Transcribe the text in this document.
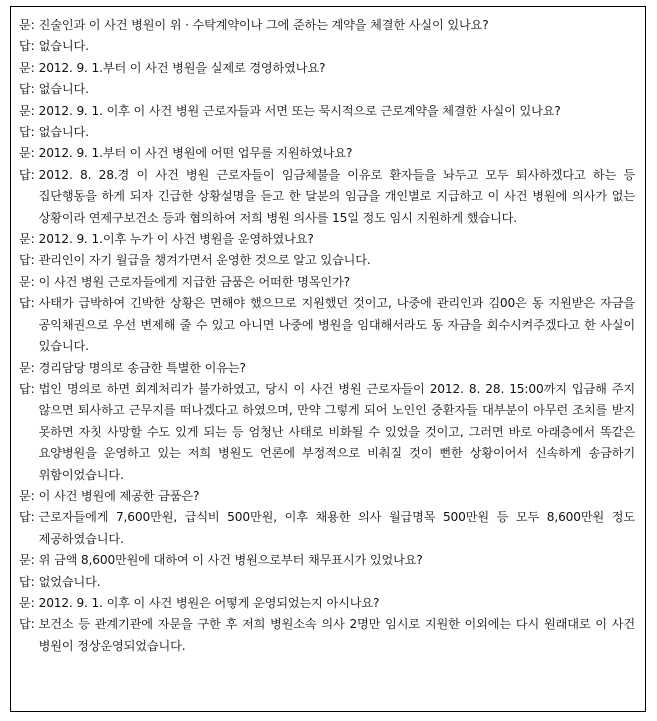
문: 진술인과 이 사건 병원이 위 · 수탁계약이나 그에 준하는 계약을 체결한 사실이 있나요?
답: 없습니다.
문: 2012. 9. 1.부터 이 사건 병원을 실제로 경영하였나요?
답: 없습니다.
문: 2012. 9. 1. 이후 이 사건 병원 근로자들과 서면 또는 묵시적으로 근로계약을 체결한 사실이 있나요?
답: 없습니다.
문: 2012. 9. 1.부터 이 사건 병원에 어떤 업무를 지원하였나요?
답: 2012. 8. 28.경 이 사건 병원 근로자들이 임금체불을 이유로 환자들을 놔두고 모두 퇴사하겠다고 하는 등 집단행동을 하게 되자 긴급한 상황설명을 듣고 한 달분의 임금을 개인별로 지급하고 이 사건 병원에 의사가 없는 상황이라 연제구보건소 등과 협의하여 저희 병원 의사를 15일 정도 임시 지원하게 했습니다.
문: 2012. 9. 1.이후 누가 이 사건 병원을 운영하였나요?
답: 관리인이 자기 월급을 챙겨가면서 운영한 것으로 알고 있습니다.
문: 이 사건 병원 근로자들에게 지급한 금품은 어떠한 명목인가?
답: 사태가 급박하여 긴박한 상황은 면해야 했으므로 지원했던 것이고, 나중에 관리인과 김00은 동 지원받은 자금을 공익채권으로 우선 변제해 줄 수 있고 아니면 나중에 병원을 임대해서라도 동 자금을 회수시켜주겠다고 한 사실이 있습니다.
문: 경리담당 명의로 송금한 특별한 이유는?
답: 법인 명의로 하면 회계처리가 불가하였고, 당시 이 사건 병원 근로자들이 2012. 8. 28. 15:00까지 입금해 주지 않으면 퇴사하고 근무지를 떠나겠다고 하였으며, 만약 그렇게 되어 노인인 중환자들 대부분이 아무런 조치를 받지 못하면 자칫 사망할 수도 있게 되는 등 엄청난 사태로 비화될 수 있었을 것이고, 그러면 바로 아래층에서 똑같은 요양병원을 운영하고 있는 저희 병원도 언론에 부정적으로 비춰질 것이 뻔한 상황이어서 신속하게 송금하기 위함이었습니다.
문: 이 사건 병원에 제공한 금품은?
답: 근로자들에게 7,600만원, 급식비 500만원, 이후 채용한 의사 월급명목 500만원 등 모두 8,600만원 정도 제공하였습니다.
문: 위 금액 8,600만원에 대하여 이 사건 병원으로부터 채무표시가 있었나요?
답: 없었습니다.
문: 2012. 9. 1. 이후 이 사건 병원은 어떻게 운영되었는지 아시나요?
답: 보건소 등 관계기관에 자문을 구한 후 저희 병원소속 의사 2명만 임시로 지원한 이외에는 다시 원래대로 이 사건 병원이 정상운영되었습니다.
